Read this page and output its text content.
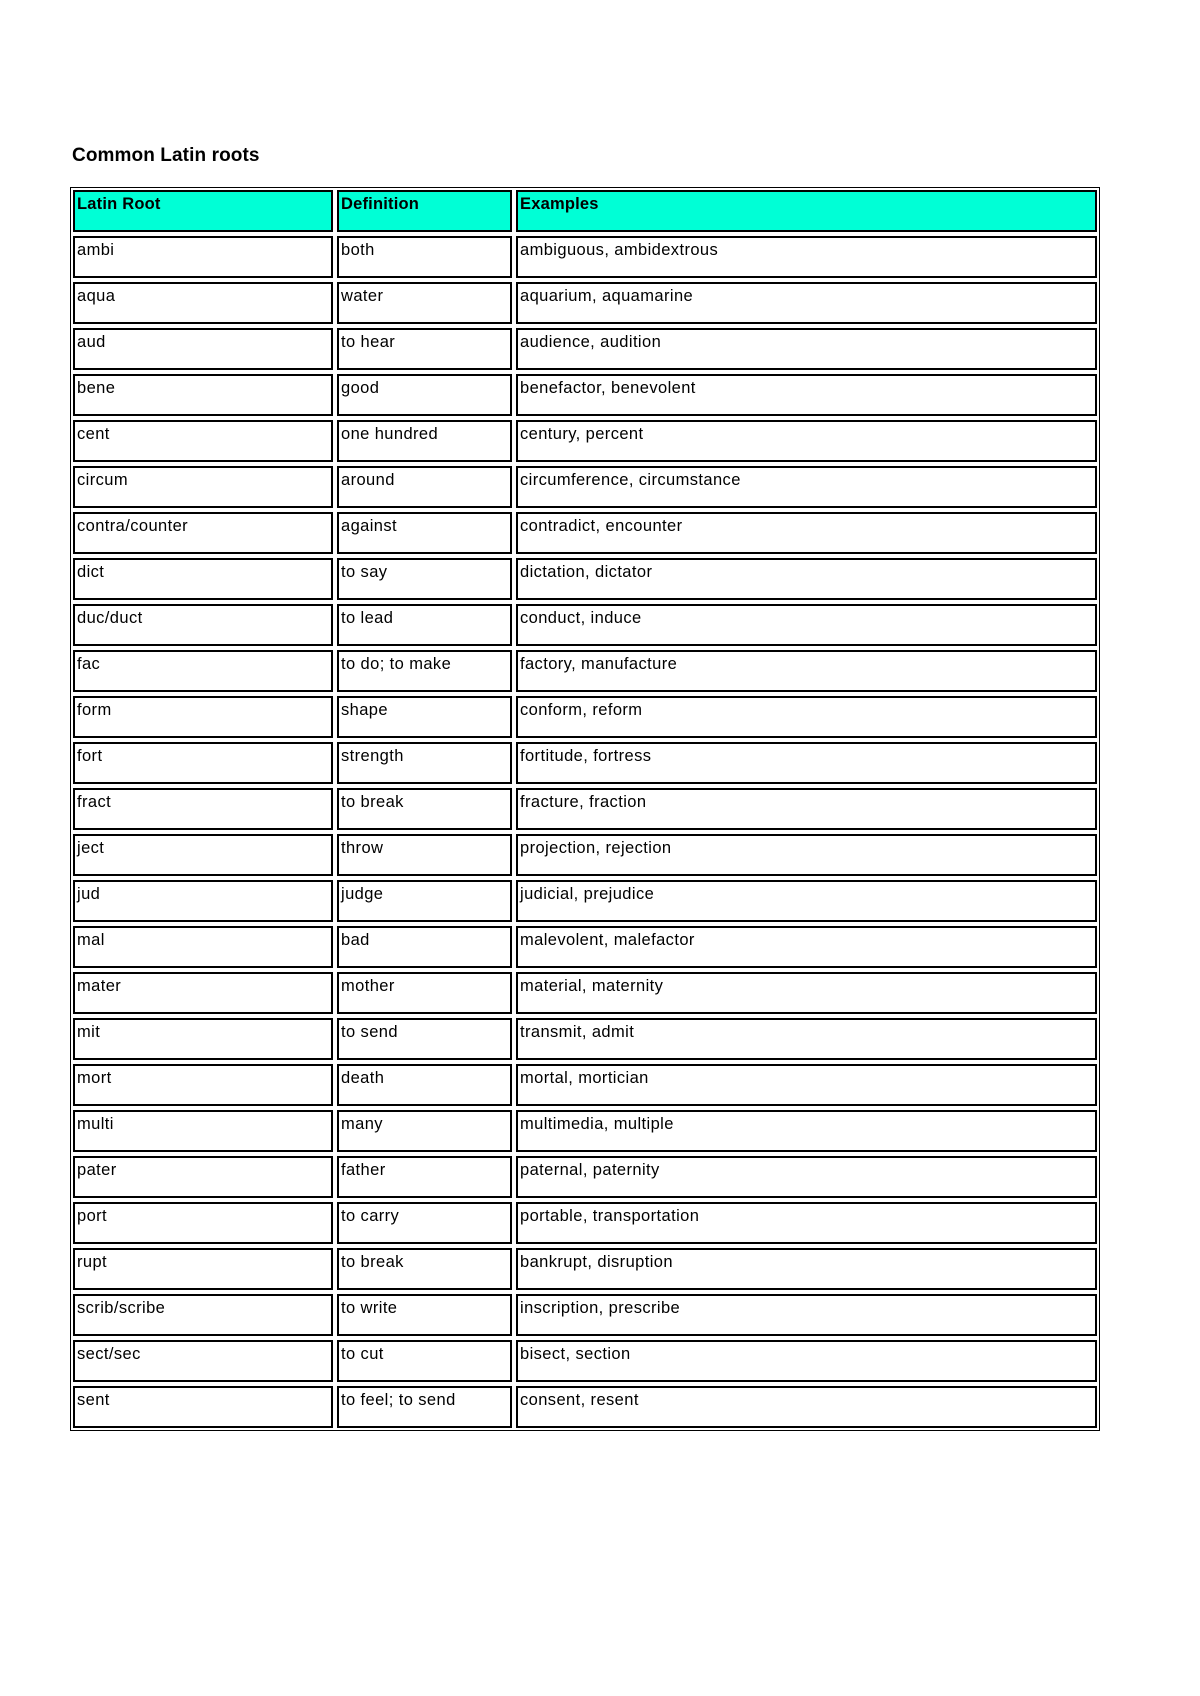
Common Latin roots
Latin Root	Definition	Examples
ambi	both	ambiguous, ambidextrous
aqua	water	aquarium, aquamarine
aud	to hear	audience, audition
bene	good	benefactor, benevolent
cent	one hundred	century, percent
circum	around	circumference, circumstance
contra/counter	against	contradict, encounter
dict	to say	dictation, dictator
duc/duct	to lead	conduct, induce
fac	to do; to make	factory, manufacture
form	shape	conform, reform
fort	strength	fortitude, fortress
fract	to break	fracture, fraction
ject	throw	projection, rejection
jud	judge	judicial, prejudice
mal	bad	malevolent, malefactor
mater	mother	material, maternity
mit	to send	transmit, admit
mort	death	mortal, mortician
multi	many	multimedia, multiple
pater	father	paternal, paternity
port	to carry	portable, transportation
rupt	to break	bankrupt, disruption
scrib/scribe	to write	inscription, prescribe
sect/sec	to cut	bisect, section
sent	to feel; to send	consent, resent
